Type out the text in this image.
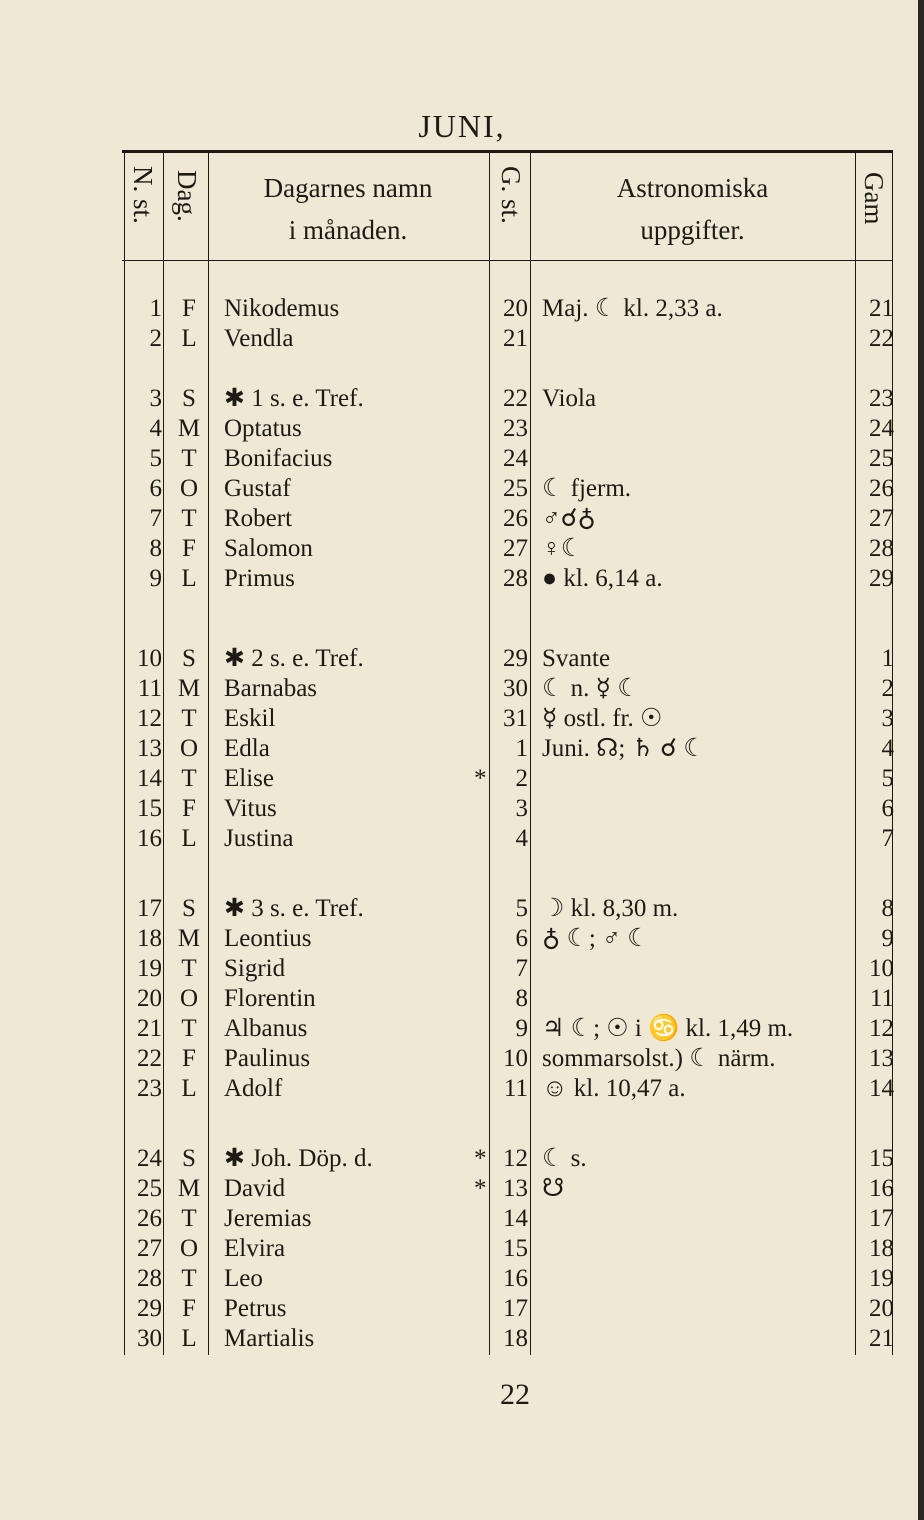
JUNI,
N. st. Dag.	Dagarnes namn
i månaden.
G. st.	Astronomiska
uppgifter.
Gam
1 F Nikodemus	20 Maj. ☾ kl. 2,33 a.	21
2 L Vendla	21	22
3 S ✱ 1 s. e. Tref.	22 Viola	23
4 M Optatus	23	24
5 T Bonifacius	24	25
6 O Gustaf	25 ☾ fjerm.	26
7 T Robert	26 ♂☌♁	27
8 F Salomon	27 ♀☾	28
9 L Primus	28 ● kl. 6,14 a.	29
10 S ✱ 2 s. e. Tref.	29 Svante	1
11 M Barnabas	30 ☾ n. ☿ ☾	2
12 T Eskil	31 ☿ ostl. fr. ☉	3
13 O Edla	1 Juni. ☊; ♄ ☌ ☾	4
14 T Elise	*	2	5
15 F Vitus	3	6
16 L Justina	4	7
17 S ✱ 3 s. e. Tref.	5 ☽ kl. 8,30 m.	8
18 M Leontius	6 ♁ ☾; ♂ ☾	9
19 T Sigrid	7	10
20 O Florentin	8	11
21 T Albanus	9 ♃ ☾; ☉ i ♋ kl. 1,49 m.	12
22 F Paulinus	10 sommarsolst.) ☾ närm.	13
23 L Adolf	11 ☺ kl. 10,47 a.	14
24 S ✱ Joh. Döp. d.	* 12 ☾ s.	15
25 M David	* 13 ☋	16
26 T Jeremias	14	17
27 O Elvira	15	18
28 T Leo	16	19
29 F Petrus	17	20
30 L Martialis	18	21
22
